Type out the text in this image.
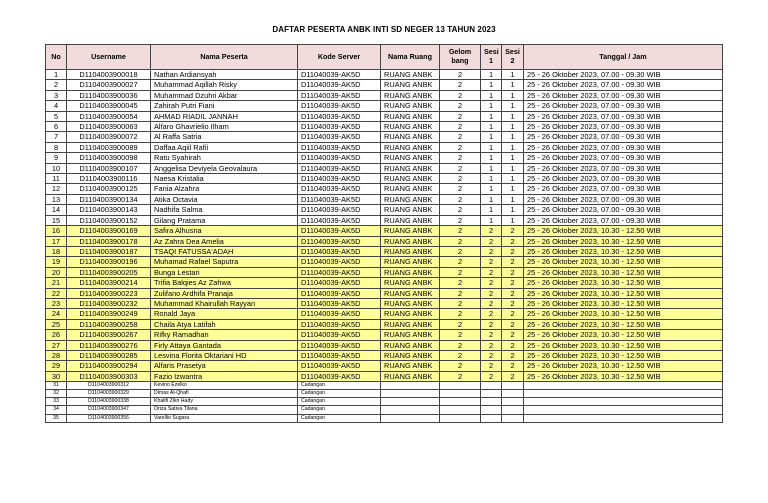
DAFTAR PESERTA ANBK INTI SD NEGER 13 TAHUN 2023
No	Username	Nama Peserta	Kode Server	Nama Ruang	Gelom bang	Sesi 1	Sesi 2	Tanggal / Jam
1	D1104003900018	Nathan Ardiansyah	D11040039-AK5D	RUANG ANBK	2	1	1	25 - 26 Oktober 2023, 07.00 - 09.30 WIB
2	D1104003900027	Muhammad Aqillah Risky	D11040039-AK5D	RUANG ANBK	2	1	1	25 - 26 Oktober 2023, 07.00 - 09.30 WIB
3	D1104003900036	Muhammad Dzuhri Akbar	D11040039-AK5D	RUANG ANBK	2	1	1	25 - 26 Oktober 2023, 07.00 - 09.30 WIB
4	D1104003900045	Zahirah Putri Fiani	D11040039-AK5D	RUANG ANBK	2	1	1	25 - 26 Oktober 2023, 07.00 - 09.30 WIB
5	D1104003900054	AHMAD RIADIL JANNAH	D11040039-AK5D	RUANG ANBK	2	1	1	25 - 26 Oktober 2023, 07.00 - 09.30 WIB
6	D1104003900063	Alfaro Ghavrielio Ilham	D11040039-AK5D	RUANG ANBK	2	1	1	25 - 26 Oktober 2023, 07.00 - 09.30 WIB
7	D1104003900072	Al Raffa Satria	D11040039-AK5D	RUANG ANBK	2	1	1	25 - 26 Oktober 2023, 07.00 - 09.30 WIB
8	D1104003900089	Daffaa Aqiil Rafii	D11040039-AK5D	RUANG ANBK	2	1	1	25 - 26 Oktober 2023, 07.00 - 09.30 WIB
9	D1104003900098	Ratu Syahirah	D11040039-AK5D	RUANG ANBK	2	1	1	25 - 26 Oktober 2023, 07.00 - 09.30 WIB
10	D1104003900107	Anggelisa Deviyela Geovalaura	D11040039-AK5D	RUANG ANBK	2	1	1	25 - 26 Oktober 2023, 07.00 - 09.30 WIB
11	D1104003900116	Naesa Kristalia	D11040039-AK5D	RUANG ANBK	2	1	1	25 - 26 Oktober 2023, 07.00 - 09.30 WIB
12	D1104003900125	Fania Alzahra	D11040039-AK5D	RUANG ANBK	2	1	1	25 - 26 Oktober 2023, 07.00 - 09.30 WIB
13	D1104003900134	Atika Octavia	D11040039-AK5D	RUANG ANBK	2	1	1	25 - 26 Oktober 2023, 07.00 - 09.30 WIB
14	D1104003900143	Nadhifa Salma	D11040039-AK5D	RUANG ANBK	2	1	1	25 - 26 Oktober 2023, 07.00 - 09.30 WIB
15	D1104003900152	Gilang Pratama	D11040039-AK5D	RUANG ANBK	2	1	1	25 - 26 Oktober 2023, 07.00 - 09.30 WIB
16	D1104003900169	Safira Alhusna	D11040039-AK5D	RUANG ANBK	2	2	2	25 - 26 Oktober 2023, 10.30 - 12.50 WIB
17	D1104003900178	Az Zahra Dea Amelia	D11040039-AK5D	RUANG ANBK	2	2	2	25 - 26 Oktober 2023, 10.30 - 12.50 WIB
18	D1104003900187	TSAQI FATUSSA'ADAH	D11040039-AK5D	RUANG ANBK	2	2	2	25 - 26 Oktober 2023, 10.30 - 12.50 WIB
19	D1104003900196	Muhamad Rafael Saputra	D11040039-AK5D	RUANG ANBK	2	2	2	25 - 26 Oktober 2023, 10.30 - 12.50 WIB
20	D1104003900205	Bunga Lestari	D11040039-AK5D	RUANG ANBK	2	2	2	25 - 26 Oktober 2023, 10.30 - 12.50 WIB
21	D1104003900214	Trifia Balqies Az Zahwa	D11040039-AK5D	RUANG ANBK	2	2	2	25 - 26 Oktober 2023, 10.30 - 12.50 WIB
22	D1104003900223	Zulifano Ardhifa Pranaja	D11040039-AK5D	RUANG ANBK	2	2	2	25 - 26 Oktober 2023, 10.30 - 12.50 WIB
23	D1104003900232	Muhammad Khairullah Rayyan	D11040039-AK5D	RUANG ANBK	2	2	2	25 - 26 Oktober 2023, 10.30 - 12.50 WIB
24	D1104003900249	Ronald Jaya	D11040039-AK5D	RUANG ANBK	2	2	2	25 - 26 Oktober 2023, 10.30 - 12.50 WIB
25	D1104003900258	Chaila Atya Latifah	D11040039-AK5D	RUANG ANBK	2	2	2	25 - 26 Oktober 2023, 10.30 - 12.50 WIB
26	D1104003900267	Rifky Ramadhan	D11040039-AK5D	RUANG ANBK	2	2	2	25 - 26 Oktober 2023, 10.30 - 12.50 WIB
27	D1104003900276	Firly Attaya Gantada	D11040039-AK5D	RUANG ANBK	2	2	2	25 - 26 Oktober 2023, 10.30 - 12.50 WIB
28	D1104003900285	Lesvina Florita Oktariani HD	D11040039-AK5D	RUANG ANBK	2	2	2	25 - 26 Oktober 2023, 10.30 - 12.50 WIB
29	D1104003900294	Alfaris Prasetya	D11040039-AK5D	RUANG ANBK	2	2	2	25 - 26 Oktober 2023, 10.30 - 12.50 WIB
30	D1104003900303	Fazio Izwantra	D11040039-AK5D	RUANG ANBK	2	2	2	25 - 26 Oktober 2023, 10.30 - 12.50 WIB
31	D1104003900312	Kevino Ezelko	Cadangan					
32	D1104003900329	Dimas Al-Qhafi	Cadangan					
33	D1104003900338	Khalifi Zikri Hady	Cadangan					
34	D1104003900347	Oriza Sativa Tilana	Cadangan					
35	D1104003900356	Varellio Sugara	Cadangan					
